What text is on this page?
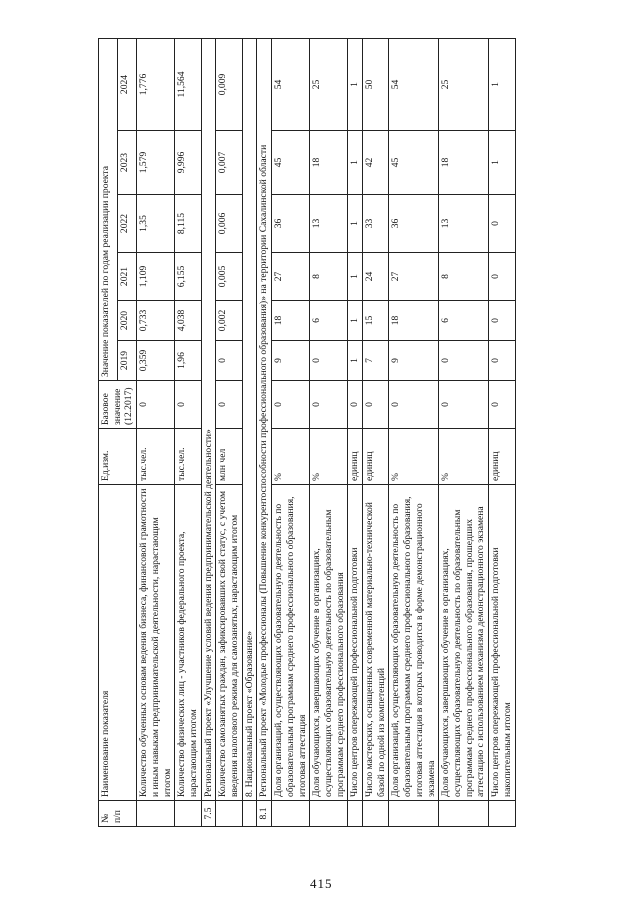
№ п/п	Наименование показателя	Ед.изм.	Базовое значение (12.2017)	Значение показателей по годам реализации проекта					
				2019	2020	2021	2022	2023	2024
	Количество обученных основам ведения бизнеса, финансовой грамотности и иным навыкам предпринимательской деятельности, нарастающим итогом	тыс.чел.	0	0,359	0,733	1,109	1,35	1,579	1,776
	Количество физических лиц - участников федерального проекта, нарастающим итогом	тыс.чел.	0	1,96	4,038	6,155	8,115	9,996	11,564
7.5	Региональный проект «Улучшение условий ведения предпринимательской деятельности»								
	Количество самозанятых граждан, зафиксировавших свой статус, с учетом введения налогового режима для самозанятых, нарастающим итогом	млн чел	0	0	0,002	0,005	0,006	0,007	0,009
	8. Национальный проект «Образование»								
8.1	Региональный проект «Молодые профессионалы (Повышение конкурентоспособности профессионального образования)» на территории Сахалинской области								
	Доля организаций, осуществляющих образовательную деятельность по образовательным программам среднего профессионального образования, итоговая аттестация	%	0	9	18	27	36	45	54
	Доля обучающихся, завершающих обучение в организациях, осуществляющих образовательную деятельность по образовательным программам среднего профессионального образования	%	0	0	6	8	13	18	25
	Число центров опережающей профессиональной подготовки	единиц	0	1	1	1	1	1	1
	Число мастерских, оснащенных современной материально-технической базой по одной из компетенций	единиц	0	7	15	24	33	42	50
	Доля организаций, осуществляющих образовательную деятельность по образовательным программам среднего профессионального образования, итоговая аттестация в которых проводится в форме демонстрационного экзамена	%	0	9	18	27	36	45	54
	Доля обучающихся, завершающих обучение в организациях, осуществляющих образовательную деятельность по образовательным программам среднего профессионального образования, прошедших аттестацию с использованием механизма демонстрационного экзамена	%	0	0	6	8	13	18	25
	Число центров опережающей профессиональной подготовки накопительным итогом	единиц	0	0	0	0	0	1	1
415
